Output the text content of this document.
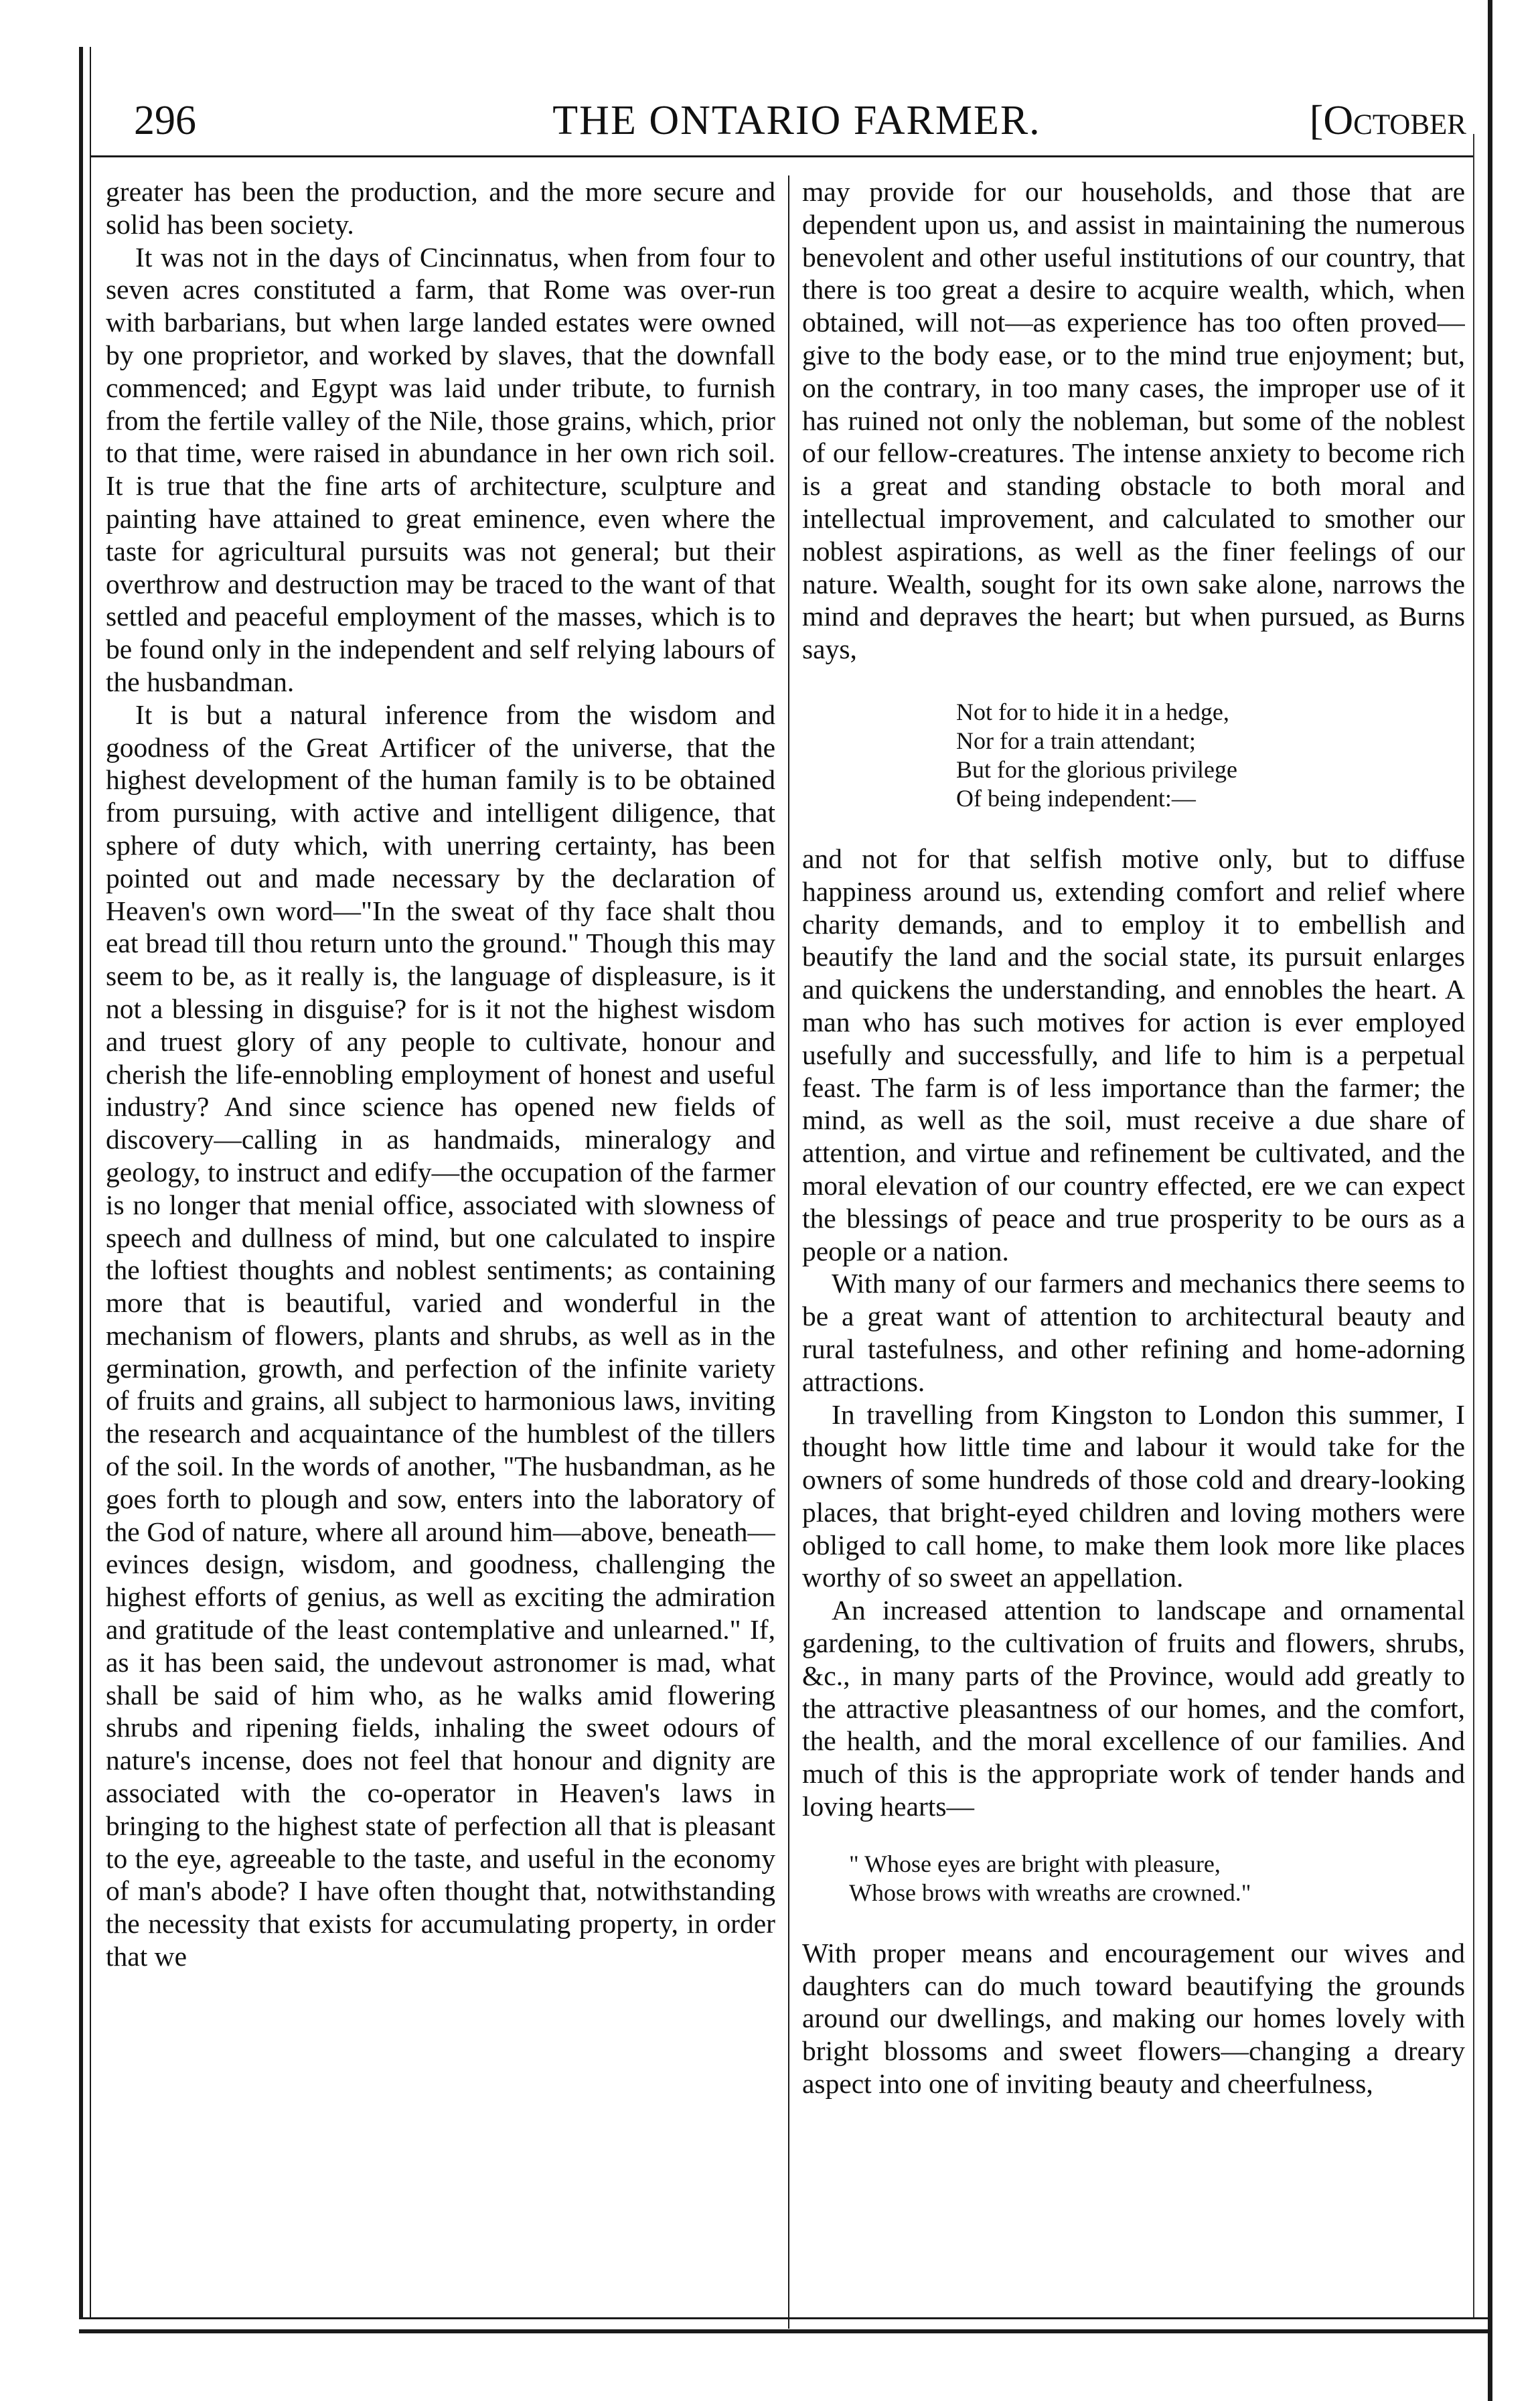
296	THE ONTARIO FARMER.	[October

greater has been the production, and the more secure and solid has been society.

It was not in the days of Cincinnatus, when from four to seven acres constituted a farm, that Rome was over-run with barbarians, but when large landed estates were owned by one proprietor, and worked by slaves, that the downfall commenced; and Egypt was laid under tribute, to furnish from the fertile valley of the Nile, those grains, which, prior to that time, were raised in abundance in her own rich soil. It is true that the fine arts of architecture, sculpture and painting have attained to great eminence, even where the taste for agricultural pursuits was not general; but their overthrow and destruction may be traced to the want of that settled and peaceful employment of the masses, which is to be found only in the independent and self relying labours of the husbandman.

It is but a natural inference from the wisdom and goodness of the Great Artificer of the universe, that the highest development of the human family is to be obtained from pursuing, with active and intelligent diligence, that sphere of duty which, with unerring certainty, has been pointed out and made necessary by the declaration of Heaven's own word—"In the sweat of thy face shalt thou eat bread till thou return unto the ground." Though this may seem to be, as it really is, the language of displeasure, is it not a blessing in disguise? for is it not the highest wisdom and truest glory of any people to cultivate, honour and cherish the life-ennobling employment of honest and useful industry? And since science has opened new fields of discovery—calling in as handmaids, mineralogy and geology, to instruct and edify—the occupation of the farmer is no longer that menial office, associated with slowness of speech and dullness of mind, but one calculated to inspire the loftiest thoughts and noblest sentiments; as containing more that is beautiful, varied and wonderful in the mechanism of flowers, plants and shrubs, as well as in the germination, growth, and perfection of the infinite variety of fruits and grains, all subject to harmonious laws, inviting the research and acquaintance of the humblest of the tillers of the soil. In the words of another, "The husbandman, as he goes forth to plough and sow, enters into the laboratory of the God of nature, where all around him—above, beneath—evinces design, wisdom, and goodness, challenging the highest efforts of genius, as well as exciting the admiration and gratitude of the least contemplative and unlearned." If, as it has been said, the undevout astronomer is mad, what shall be said of him who, as he walks amid flowering shrubs and ripening fields, inhaling the sweet odours of nature's incense, does not feel that honour and dignity are associated with the co-operator in Heaven's laws in bringing to the highest state of perfection all that is pleasant to the eye, agreeable to the taste, and useful in the economy of man's abode? I have often thought that, notwithstanding the necessity that exists for accumulating property, in order that we

may provide for our households, and those that are dependent upon us, and assist in maintaining the numerous benevolent and other useful institutions of our country, that there is too great a desire to acquire wealth, which, when obtained, will not—as experience has too often proved—give to the body ease, or to the mind true enjoyment; but, on the contrary, in too many cases, the improper use of it has ruined not only the nobleman, but some of the noblest of our fellow-creatures. The intense anxiety to become rich is a great and standing obstacle to both moral and intellectual improvement, and calculated to smother our noblest aspirations, as well as the finer feelings of our nature. Wealth, sought for its own sake alone, narrows the mind and depraves the heart; but when pursued, as Burns says,

Not for to hide it in a hedge,
Nor for a train attendant;
But for the glorious privilege
Of being independent:—

and not for that selfish motive only, but to diffuse happiness around us, extending comfort and relief where charity demands, and to employ it to embellish and beautify the land and the social state, its pursuit enlarges and quickens the understanding, and ennobles the heart. A man who has such motives for action is ever employed usefully and successfully, and life to him is a perpetual feast. The farm is of less importance than the farmer; the mind, as well as the soil, must receive a due share of attention, and virtue and refinement be cultivated, and the moral elevation of our country effected, ere we can expect the blessings of peace and true prosperity to be ours as a people or a nation.

With many of our farmers and mechanics there seems to be a great want of attention to architectural beauty and rural tastefulness, and other refining and home-adorning attractions.

In travelling from Kingston to London this summer, I thought how little time and labour it would take for the owners of some hundreds of those cold and dreary-looking places, that bright-eyed children and loving mothers were obliged to call home, to make them look more like places worthy of so sweet an appellation.

An increased attention to landscape and ornamental gardening, to the cultivation of fruits and flowers, shrubs, &c., in many parts of the Province, would add greatly to the attractive pleasantness of our homes, and the comfort, the health, and the moral excellence of our families. And much of this is the appropriate work of tender hands and loving hearts—

" Whose eyes are bright with pleasure,
Whose brows with wreaths are crowned."

With proper means and encouragement our wives and daughters can do much toward beautifying the grounds around our dwellings, and making our homes lovely with bright blossoms and sweet flowers—changing a dreary aspect into one of inviting beauty and cheerfulness,
